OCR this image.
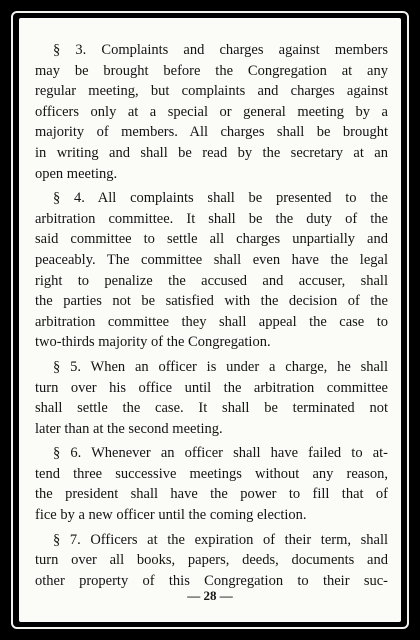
§ 3. Complaints and charges against members
may be brought before the Congregation at any
regular meeting, but complaints and charges against
officers only at a special or general meeting by a
majority of members. All charges shall be brought
in writing and shall be read by the secretary at an
open meeting.
§ 4. All complaints shall be presented to the
arbitration committee. It shall be the duty of the
said committee to settle all charges unpartially and
peaceably. The committee shall even have the legal
right to penalize the accused and accuser, shall
the parties not be satisfied with the decision of the
arbitration committee they shall appeal the case to
two-thirds majority of the Congregation.
§ 5. When an officer is under a charge, he shall
turn over his office until the arbitration committee
shall settle the case. It shall be terminated not
later than at the second meeting.
§ 6. Whenever an officer shall have failed to at-
tend three successive meetings without any reason,
the president shall have the power to fill that of
fice by a new officer until the coming election.
§ 7. Officers at the expiration of their term, shall
turn over all books, papers, deeds, documents and
other property of this Congregation to their suc-
— 28 —
